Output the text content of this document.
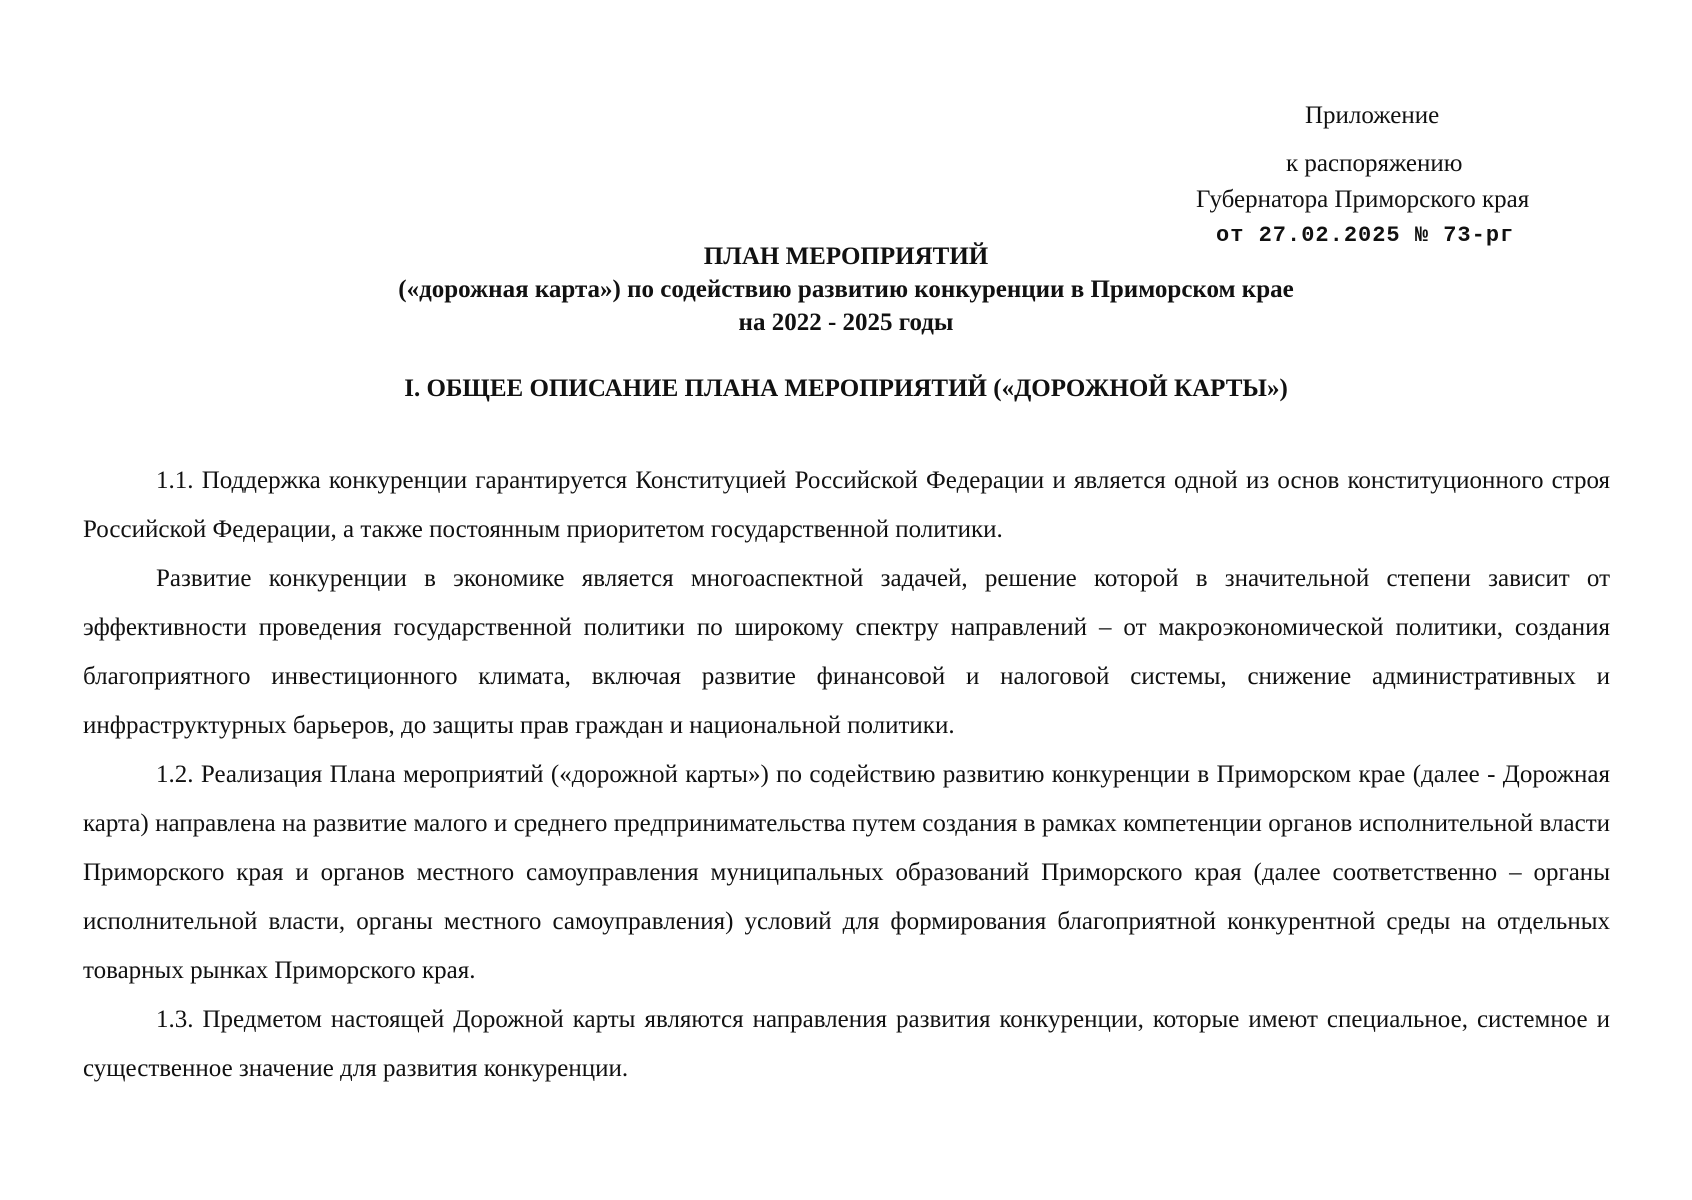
Приложение
к распоряжению
Губернатора Приморского края
от 27.02.2025 № 73-рг
ПЛАН МЕРОПРИЯТИЙ
(«дорожная карта») по содействию развитию конкуренции в Приморском крае
на 2022 - 2025 годы
I. ОБЩЕЕ ОПИСАНИЕ ПЛАНА МЕРОПРИЯТИЙ («ДОРОЖНОЙ КАРТЫ»)

1.1. Поддержка конкуренции гарантируется Конституцией Российской Федерации и является одной из основ конституционного строя Российской Федерации, а также постоянным приоритетом государственной политики.

Развитие конкуренции в экономике является многоаспектной задачей, решение которой в значительной степени зависит от эффективности проведения государственной политики по широкому спектру направлений – от макроэкономической политики, создания благоприятного инвестиционного климата, включая развитие финансовой и налоговой системы, снижение административных и инфраструктурных барьеров, до защиты прав граждан и национальной политики.

1.2. Реализация Плана мероприятий («дорожной карты») по содействию развитию конкуренции в Приморском крае (далее - Дорожная карта) направлена на развитие малого и среднего предпринимательства путем создания в рамках компетенции органов исполнительной власти Приморского края и органов местного самоуправления муниципальных образований Приморского края (далее соответственно – органы исполнительной власти, органы местного самоуправления) условий для формирования благоприятной конкурентной среды на отдельных товарных рынках Приморского края.

1.3. Предметом настоящей Дорожной карты являются направления развития конкуренции, которые имеют специальное, системное и существенное значение для развития конкуренции.
